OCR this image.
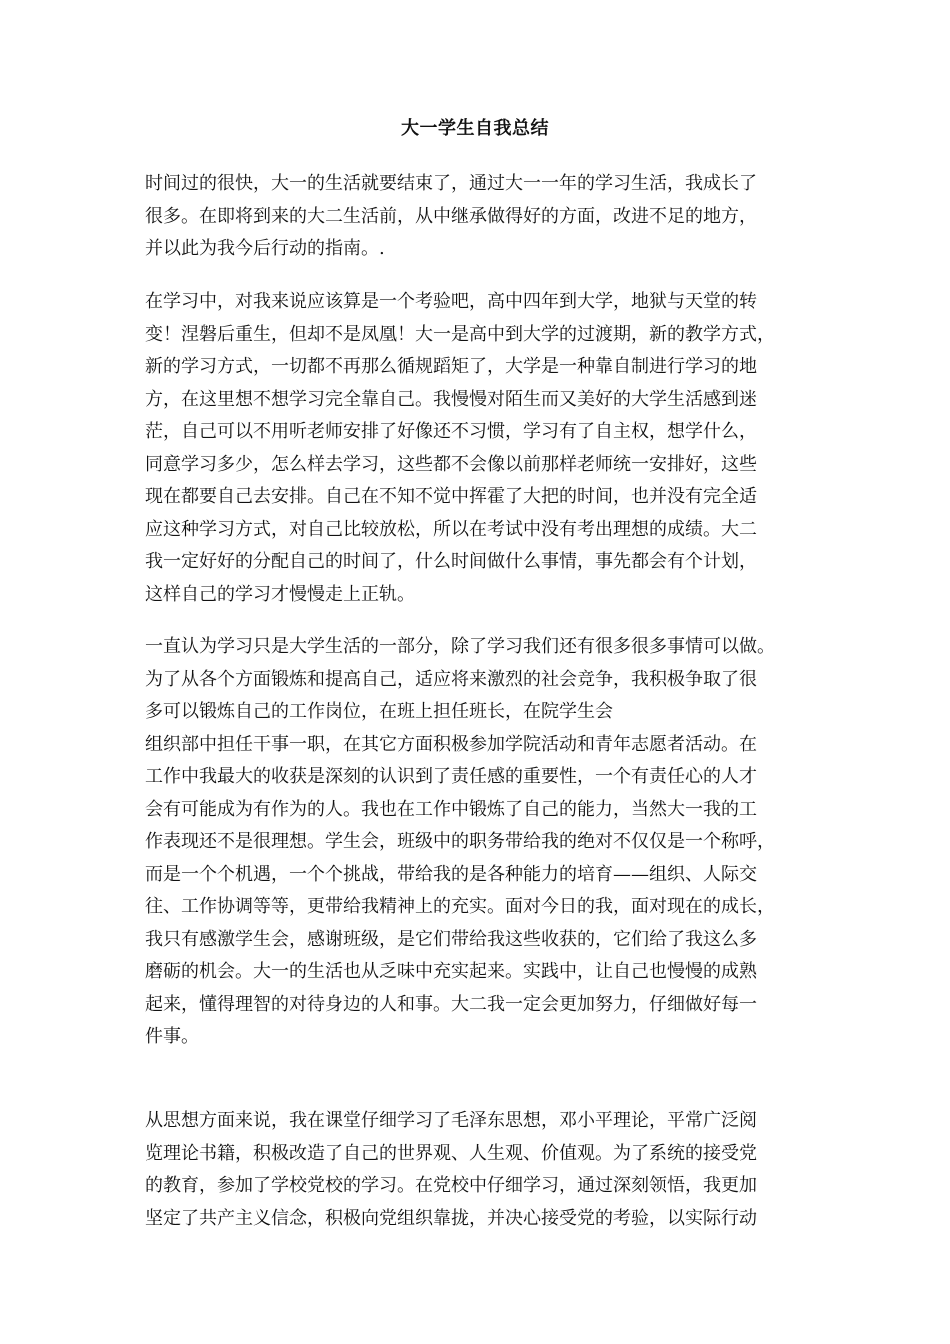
大一学生自我总结

时间过的很快，大一的生活就要结束了，通过大一一年的学习生活，我成长了
很多。在即将到来的大二生活前，从中继承做得好的方面，改进不足的地方，
并以此为我今后行动的指南。.

在学习中，对我来说应该算是一个考验吧，高中四年到大学，地狱与天堂的转
变！涅磐后重生，但却不是凤凰！大一是高中到大学的过渡期，新的教学方式，
新的学习方式，一切都不再那么循规蹈矩了，大学是一种靠自制进行学习的地
方，在这里想不想学习完全靠自己。我慢慢对陌生而又美好的大学生活感到迷
茫，自己可以不用听老师安排了好像还不习惯，学习有了自主权，想学什么，
同意学习多少，怎么样去学习，这些都不会像以前那样老师统一安排好，这些
现在都要自己去安排。自己在不知不觉中挥霍了大把的时间，也并没有完全适
应这种学习方式，对自己比较放松，所以在考试中没有考出理想的成绩。大二
我一定好好的分配自己的时间了，什么时间做什么事情，事先都会有个计划，
这样自己的学习才慢慢走上正轨。

一直认为学习只是大学生活的一部分，除了学习我们还有很多很多事情可以做。
为了从各个方面锻炼和提高自己，适应将来激烈的社会竞争，我积极争取了很
多可以锻炼自己的工作岗位，在班上担任班长，在院学生会
组织部中担任干事一职，在其它方面积极参加学院活动和青年志愿者活动。在
工作中我最大的收获是深刻的认识到了责任感的重要性，一个有责任心的人才
会有可能成为有作为的人。我也在工作中锻炼了自己的能力，当然大一我的工
作表现还不是很理想。学生会，班级中的职务带给我的绝对不仅仅是一个称呼，
而是一个个机遇，一个个挑战，带给我的是各种能力的培育——组织、人际交
往、工作协调等等，更带给我精神上的充实。面对今日的我，面对现在的成长，
我只有感激学生会，感谢班级，是它们带给我这些收获的，它们给了我这么多
磨砺的机会。大一的生活也从乏味中充实起来。实践中，让自己也慢慢的成熟
起来，懂得理智的对待身边的人和事。大二我一定会更加努力，仔细做好每一
件事。

从思想方面来说，我在课堂仔细学习了毛泽东思想，邓小平理论，平常广泛阅
览理论书籍，积极改造了自己的世界观、人生观、价值观。为了系统的接受党
的教育，参加了学校党校的学习。在党校中仔细学习，通过深刻领悟，我更加
坚定了共产主义信念，积极向党组织靠拢，并决心接受党的考验，以实际行动
